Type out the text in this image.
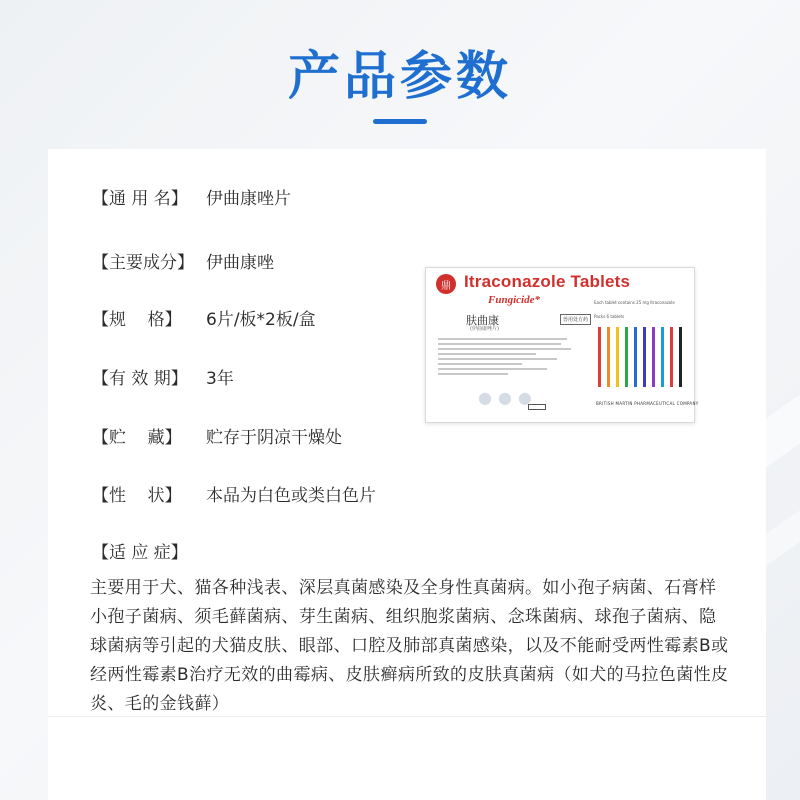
产品参数
【通 用 名】 伊曲康唑片
【主要成分】 伊曲康唑
【规    格】 6片/板*2板/盒
【有 效 期】 3年
【贮    藏】 贮存于阴凉干燥处
【性    状】 本品为白色或类白色片
【适 应 症】
主要用于犬、猫各种浅表、深层真菌感染及全身性真菌病。如小孢子病菌、石膏样小孢子菌病、须毛藓菌病、芽生菌病、组织胞浆菌病、念珠菌病、球孢子菌病、隐球菌病等引起的犬猫皮肤、眼部、口腔及肺部真菌感染，以及不能耐受两性霉素B或经两性霉素B治疗无效的曲霉病、皮肤癣病所致的皮肤真菌病（如犬的马拉色菌性皮炎、毛的金钱藓）
鼎 Itraconazole Tablets
Fungicide*
肤曲康
(伊曲康唑片)
兽用处方药
Each tablet contains 25 mg Itraconazole
Packs 6 tablets
●●●	BRITISH MARTIN PHARMACEUTICAL COMPANY
